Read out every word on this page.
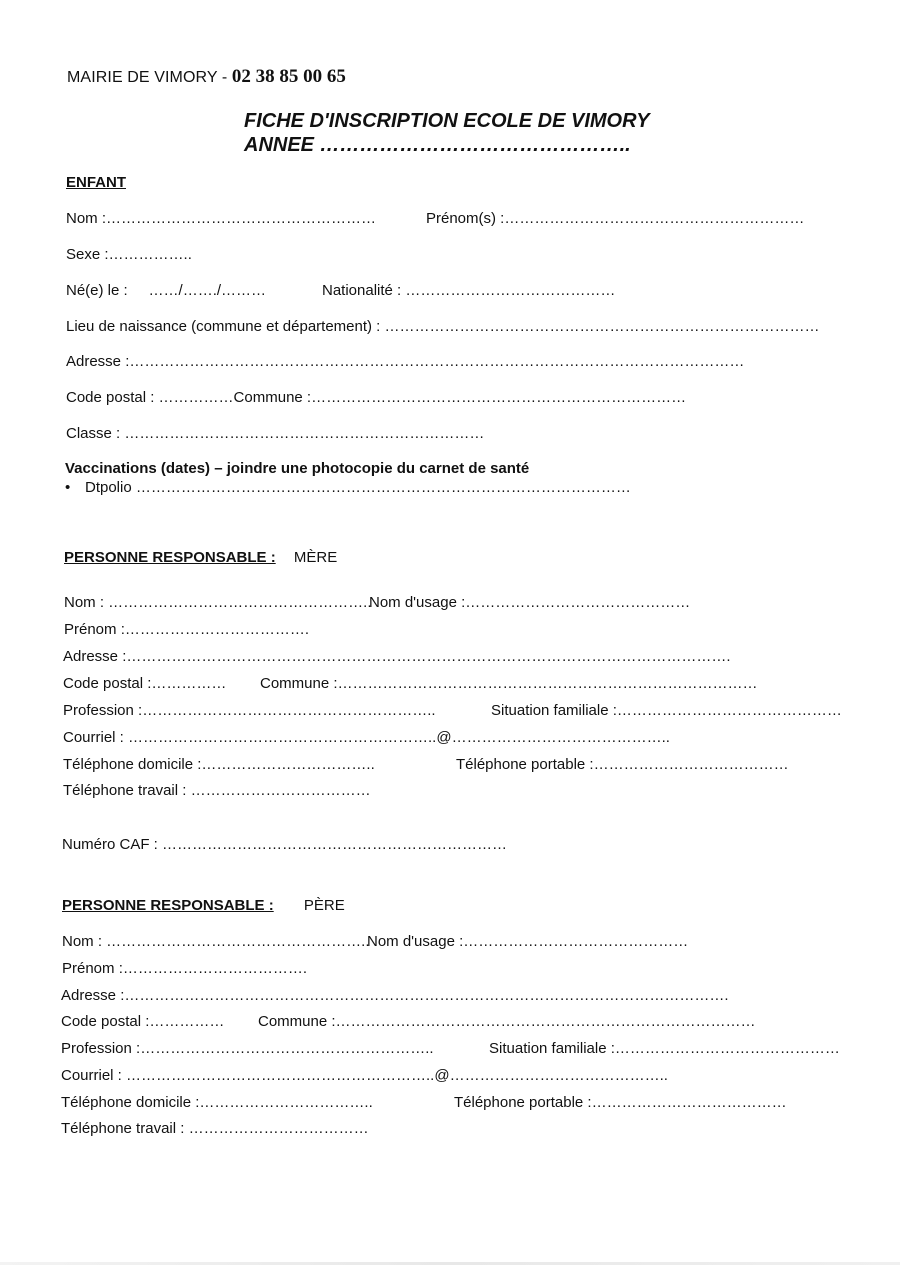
MAIRIE DE VIMORY - 02 38 85 00 65
FICHE D'INSCRIPTION ECOLE DE VIMORY
ANNEE ………………………………………..
ENFANT
Nom :………………………………………………	Prénom(s) :……………………………………………………
Sexe :……………..
Né(e) le :     ……/……./………	Nationalité : ……………………………………
Lieu de naissance (commune et département) : ……………………………………………………………………………
Adresse :……………………………………………………………………………………………………………
Code postal : ……………Commune :…………………………………………………………………
Classe : ………………………………………………………………
Vaccinations (dates) – joindre une photocopie du carnet de santé
• Dtpolio ………………………………………………………………………………………
PERSONNE RESPONSABLE : MÈRE
Nom : ……………………………………………..
Nom d'usage :………………………………………
Prénom :……………………………….
Adresse :………………………………………………………………………………………………………….
Code postal :…………… Commune :…………………………………………………………………………
Profession :…………………………………………………..	Situation familiale :………………………………………
Courriel : ……………………………………………………..@……………………………………..
Téléphone domicile :……………………………..	Téléphone portable :…………………………………
Téléphone travail : ………………………………
Numéro CAF : ……………………………………………………………
PERSONNE RESPONSABLE : PÈRE
Nom : ……………………………………………..
Nom d'usage :………………………………………
Prénom :……………………………….
Adresse :………………………………………………………………………………………………………….
Code postal :…………… Commune :…………………………………………………………………………
Profession :…………………………………………………..	Situation familiale :………………………………………
Courriel : ……………………………………………………..@……………………………………..
Téléphone domicile :……………………………..	Téléphone portable :…………………………………
Téléphone travail : ………………………………
